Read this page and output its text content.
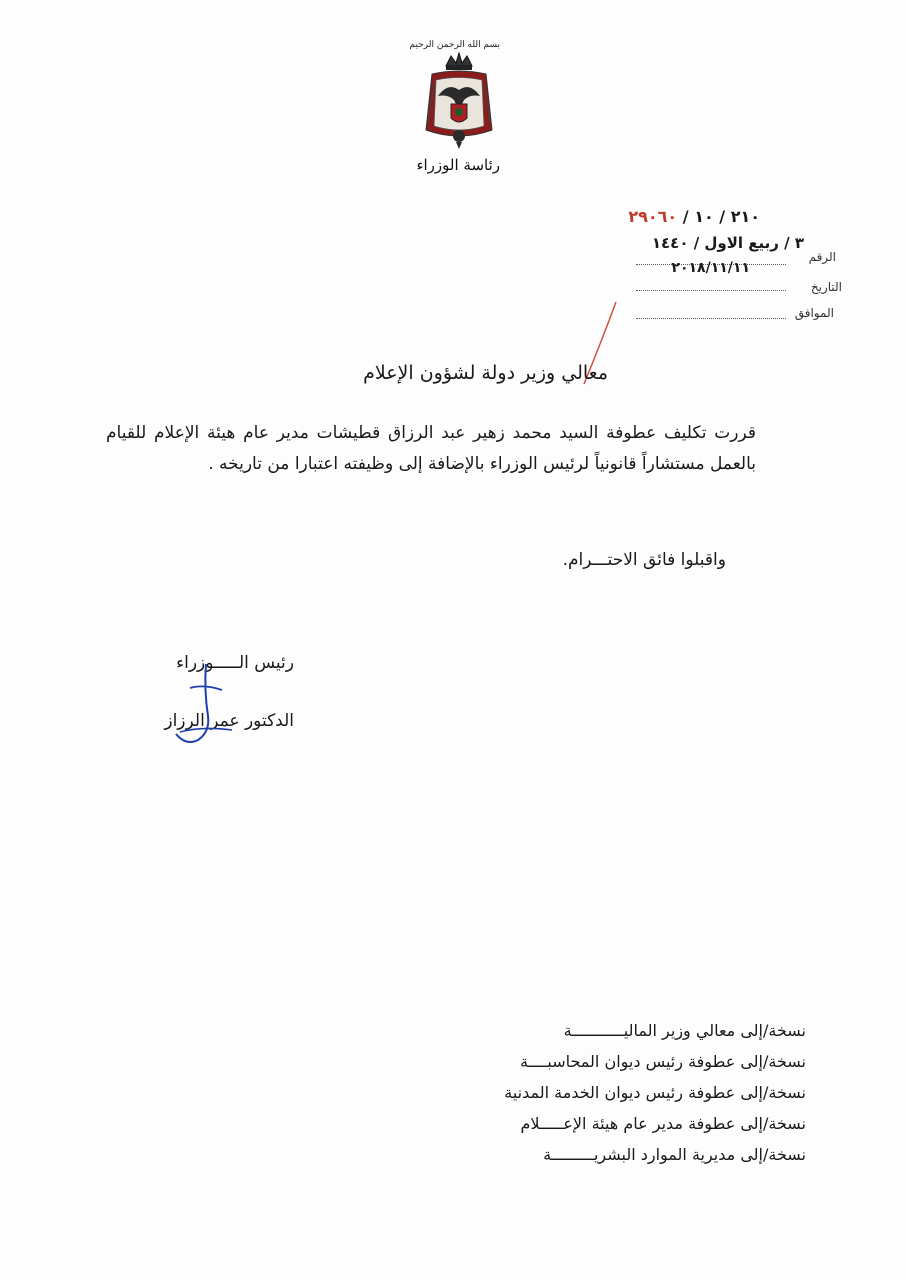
بسم الله الرحمن الرحيم
رئاسة الوزراء
٢١٠ / ١٠ / ٢٩٠٦٠
٣ / ربيع الاول / ١٤٤٠
الرقم
٢٠١٨/١١/١١
التاريخ
الموافق
معالي وزير دولة لشؤون الإعلام
قررت تكليف عطوفة السيد محمد زهير عبد الرزاق قطيشات مدير عام هيئة الإعلام للقيام بالعمل مستشاراً قانونياً لرئيس الوزراء بالإضافة إلى وظيفته اعتبارا من تاريخه .
واقبلوا فائق الاحتـــرام.
رئيس الـــــوزراء
الدكتور عمر الرزاز
نسخة/إلى معالي وزير الماليـــــــــــة
نسخة/إلى عطوفة رئيس ديوان المحاسبــــة
نسخة/إلى عطوفة رئيس ديوان الخدمة المدنية
نسخة/إلى عطوفة مدير عام هيئة الإعـــــلام
نسخة/إلى مديرية الموارد البشريـــــــــة
